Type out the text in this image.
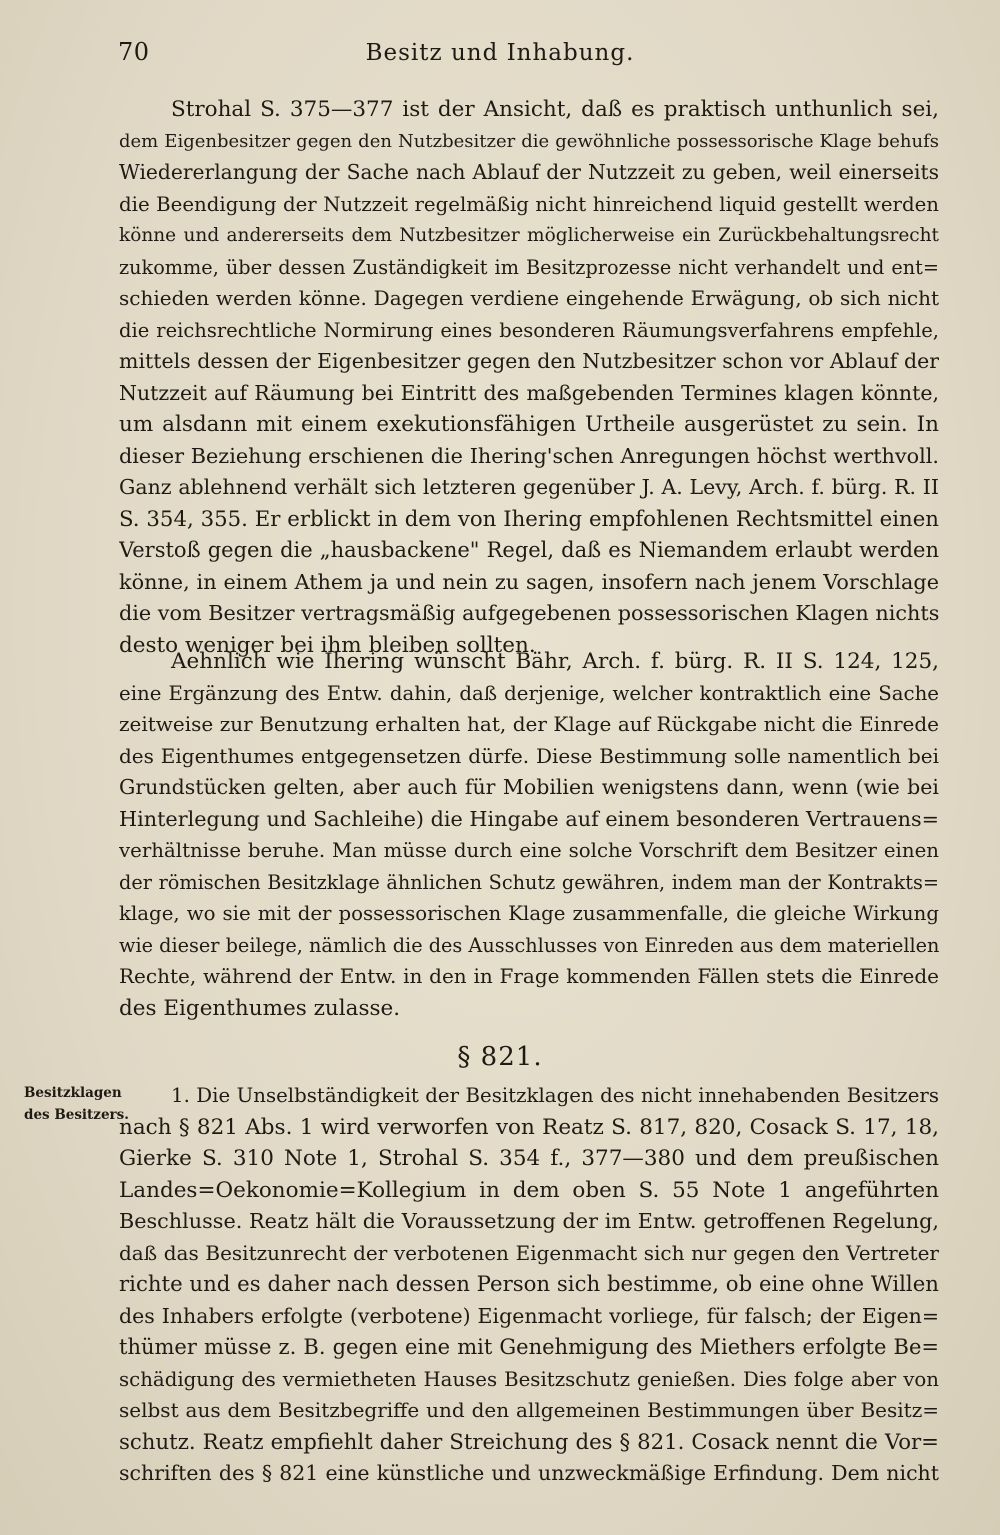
70	Besitz und Inhabung.
Strohal S. 375—377 ist der Ansicht, daß es praktisch unthunlich sei,
dem Eigenbesitzer gegen den Nutzbesitzer die gewöhnliche possessorische Klage behufs
Wiedererlangung der Sache nach Ablauf der Nutzzeit zu geben, weil einerseits
die Beendigung der Nutzzeit regelmäßig nicht hinreichend liquid gestellt werden
könne und andererseits dem Nutzbesitzer möglicherweise ein Zurückbehaltungsrecht
zukomme, über dessen Zuständigkeit im Besitzprozesse nicht verhandelt und ent=
schieden werden könne. Dagegen verdiene eingehende Erwägung, ob sich nicht
die reichsrechtliche Normirung eines besonderen Räumungsverfahrens empfehle,
mittels dessen der Eigenbesitzer gegen den Nutzbesitzer schon vor Ablauf der
Nutzzeit auf Räumung bei Eintritt des maßgebenden Termines klagen könnte,
um alsdann mit einem exekutionsfähigen Urtheile ausgerüstet zu sein. In
dieser Beziehung erschienen die Ihering'schen Anregungen höchst werthvoll.
Ganz ablehnend verhält sich letzteren gegenüber J. A. Levy, Arch. f. bürg. R. II
S. 354, 355. Er erblickt in dem von Ihering empfohlenen Rechtsmittel einen
Verstoß gegen die „hausbackene" Regel, daß es Niemandem erlaubt werden
könne, in einem Athem ja und nein zu sagen, insofern nach jenem Vorschlage
die vom Besitzer vertragsmäßig aufgegebenen possessorischen Klagen nichts
desto weniger bei ihm bleiben sollten.
Aehnlich wie Ihering wünscht Bähr, Arch. f. bürg. R. II S. 124, 125,
eine Ergänzung des Entw. dahin, daß derjenige, welcher kontraktlich eine Sache
zeitweise zur Benutzung erhalten hat, der Klage auf Rückgabe nicht die Einrede
des Eigenthumes entgegensetzen dürfe. Diese Bestimmung solle namentlich bei
Grundstücken gelten, aber auch für Mobilien wenigstens dann, wenn (wie bei
Hinterlegung und Sachleihe) die Hingabe auf einem besonderen Vertrauens=
verhältnisse beruhe. Man müsse durch eine solche Vorschrift dem Besitzer einen
der römischen Besitzklage ähnlichen Schutz gewähren, indem man der Kontrakts=
klage, wo sie mit der possessorischen Klage zusammenfalle, die gleiche Wirkung
wie dieser beilege, nämlich die des Ausschlusses von Einreden aus dem materiellen
Rechte, während der Entw. in den in Frage kommenden Fällen stets die Einrede
des Eigenthumes zulasse.
§ 821.
Besitzklagen
des Besitzers.
1. Die Unselbständigkeit der Besitzklagen des nicht innehabenden Besitzers
nach § 821 Abs. 1 wird verworfen von Reatz S. 817, 820, Cosack S. 17, 18,
Gierke S. 310 Note 1, Strohal S. 354 f., 377—380 und dem preußischen
Landes=Oekonomie=Kollegium in dem oben S. 55 Note 1 angeführten
Beschlusse. Reatz hält die Voraussetzung der im Entw. getroffenen Regelung,
daß das Besitzunrecht der verbotenen Eigenmacht sich nur gegen den Vertreter
richte und es daher nach dessen Person sich bestimme, ob eine ohne Willen
des Inhabers erfolgte (verbotene) Eigenmacht vorliege, für falsch; der Eigen=
thümer müsse z. B. gegen eine mit Genehmigung des Miethers erfolgte Be=
schädigung des vermietheten Hauses Besitzschutz genießen. Dies folge aber von
selbst aus dem Besitzbegriffe und den allgemeinen Bestimmungen über Besitz=
schutz. Reatz empfiehlt daher Streichung des § 821. Cosack nennt die Vor=
schriften des § 821 eine künstliche und unzweckmäßige Erfindung. Dem nicht
